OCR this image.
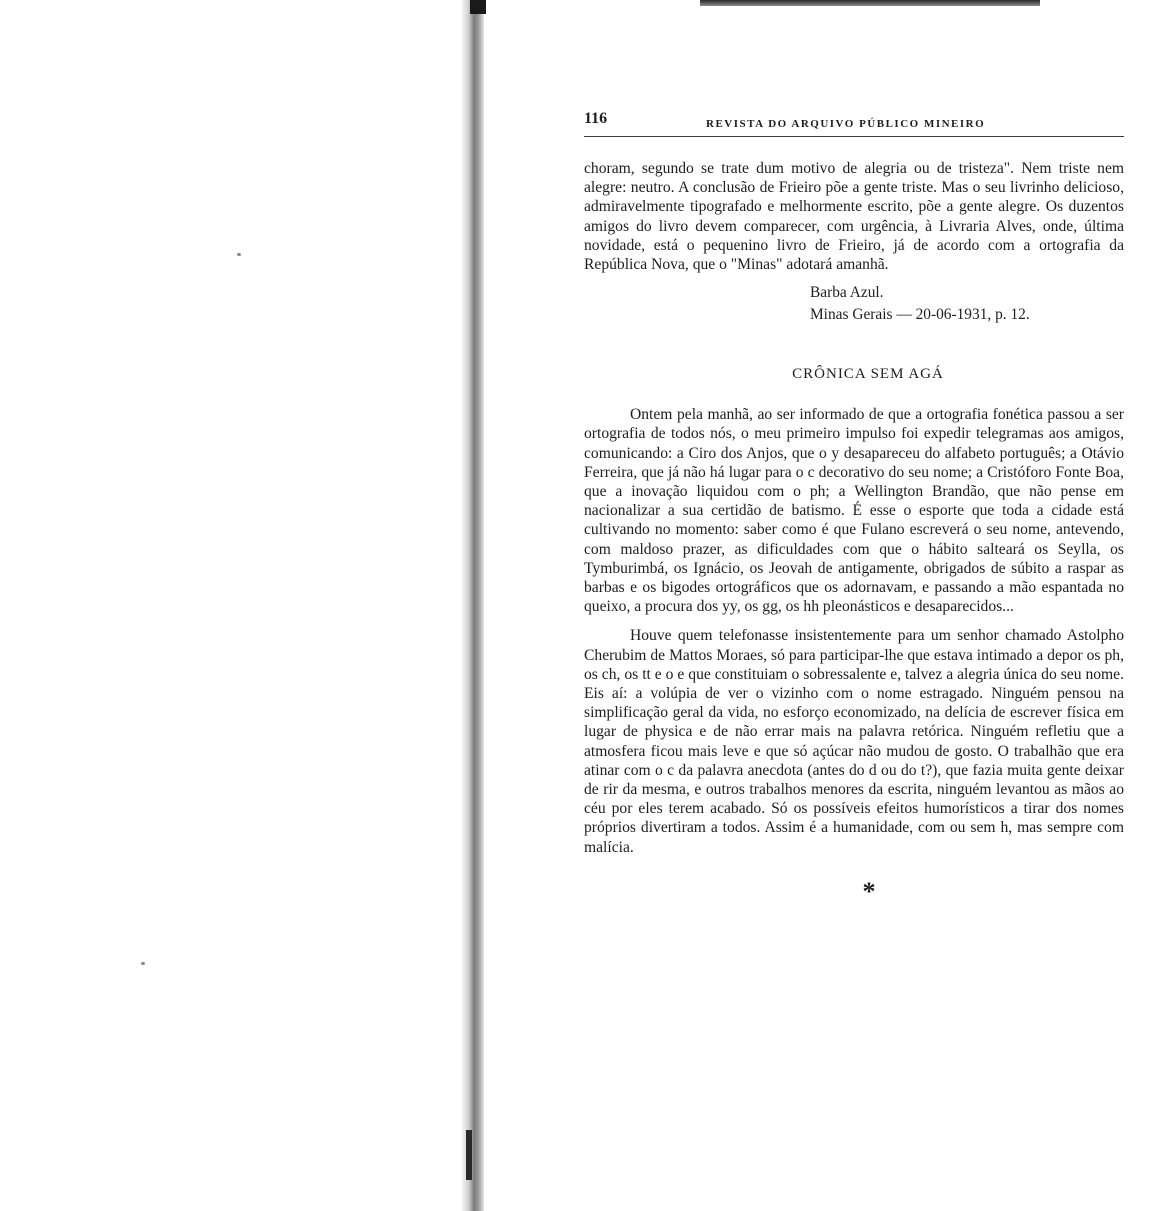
116	REVISTA DO ARQUIVO PÚBLICO MINEIRO

choram, segundo se trate dum motivo de alegria ou de tristeza". Nem triste nem alegre: neutro. A conclusão de Frieiro põe a gente triste. Mas o seu livrinho delicioso, admiravelmente tipografado e melhormente escrito, põe a gente alegre. Os duzentos amigos do livro devem comparecer, com urgência, à Livraria Alves, onde, última novidade, está o pequenino livro de Frieiro, já de acordo com a ortografia da República Nova, que o "Minas" adotará amanhã.

Barba Azul.
Minas Gerais — 20-06-1931, p. 12.
CRÔNICA SEM AGÁ

Ontem pela manhã, ao ser informado de que a ortografia fonética passou a ser ortografia de todos nós, o meu primeiro impulso foi expedir telegramas aos amigos, comunicando: a Ciro dos Anjos, que o y desapareceu do alfabeto português; a Otávio Ferreira, que já não há lugar para o c decorativo do seu nome; a Cristóforo Fonte Boa, que a inovação liquidou com o ph; a Wellington Brandão, que não pense em nacionalizar a sua certidão de batismo. É esse o esporte que toda a cidade está cultivando no momento: saber como é que Fulano escreverá o seu nome, antevendo, com maldoso prazer, as dificuldades com que o hábito salteará os Seylla, os Tymburimbá, os Ignácio, os Jeovah de antigamente, obrigados de súbito a raspar as barbas e os bigodes ortográficos que os adornavam, e passando a mão espantada no queixo, a procura dos yy, os gg, os hh pleonásticos e desaparecidos...

Houve quem telefonasse insistentemente para um senhor chamado Astolpho Cherubim de Mattos Moraes, só para participar-lhe que estava intimado a depor os ph, os ch, os tt e o e que constituiam o sobressalente e, talvez a alegria única do seu nome. Eis aí: a volúpia de ver o vizinho com o nome estragado. Ninguém pensou na simplificação geral da vida, no esforço economizado, na delícia de escrever física em lugar de physica e de não errar mais na palavra retórica. Ninguém refletiu que a atmosfera ficou mais leve e que só açúcar não mudou de gosto. O trabalhão que era atinar com o c da palavra anecdota (antes do d ou do t?), que fazia muita gente deixar de rir da mesma, e outros trabalhos menores da escrita, ninguém levantou as mãos ao céu por eles terem acabado. Só os possíveis efeitos humorísticos a tirar dos nomes próprios divertiram a todos. Assim é a humanidade, com ou sem h, mas sempre com malícia.

*
